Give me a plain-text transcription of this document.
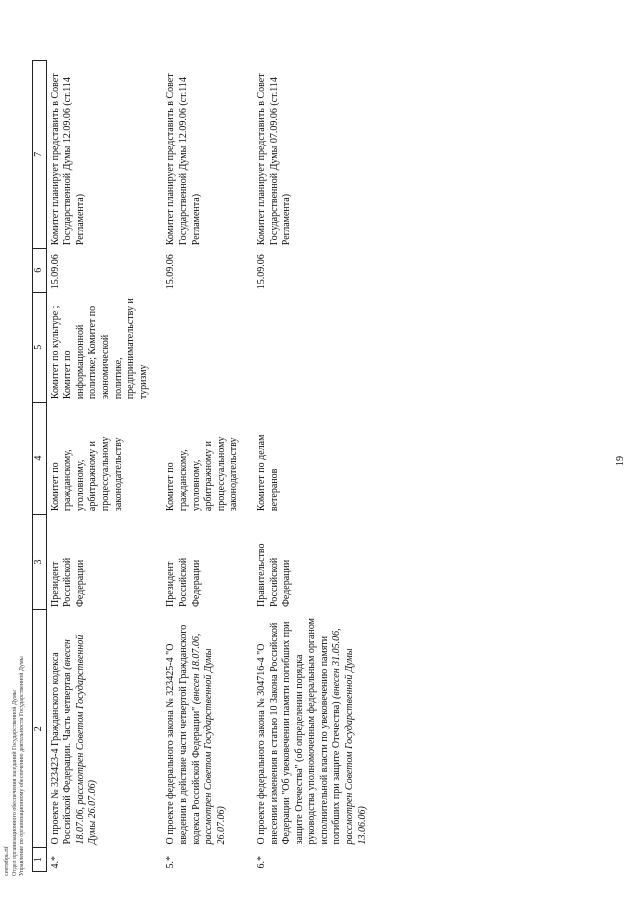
сентябрь.rtf Отдел организационного обеспечения заседаний Государственной Думы Управление по организационному обеспечению деятельности Государственной Думы 1	2	3	4	5	6	7
4.*	О проекте № 323423-4 Гражданского кодекса Российской Федерации. Часть четвертая (внесен 18.07.06, рассмотрен Советом Государственной Думы 26.07.06)	Президент Российской Федерации	Комитет по гражданскому, уголовному, арбитражному и процессуальному законодательству	Комитет по культуре ; Комитет по информационной политике; Комитет по экономической политике, предпринимательству и туризму	15.09.06	Комитет планирует представить в Совет Государственной Думы 12.09.06 (ст.114 Регламента)
5.*	О проекте федерального закона № 323425-4 "О введении в действие части четвертой Гражданского кодекса Российской Федерации" (внесен 18.07.06, рассмотрен Советом Государственной Думы 26.07.06)	Президент Российской Федерации	Комитет по гражданскому, уголовному, арбитражному и процессуальному законодательству		15.09.06	Комитет планирует представить в Совет Государственной Думы 12.09.06 (ст.114 Регламента)
6.*	О проекте федерального закона № 304716-4 "О внесении изменения в статью 10 Закона Российской Федерации "Об увековечении памяти погибших при защите Отечества" (об определении порядка руководства уполномоченным федеральным органом исполнительной власти по увековечению памяти погибших при защите Отечества) (внесен 31.05.06, рассмотрен Советом Государственной Думы 13.06.06)	Правительство Российской Федерации	Комитет по делам ветеранов		15.09.06	Комитет планирует представить в Совет Государственной Думы 07.09.06 (ст.114 Регламента)
19
